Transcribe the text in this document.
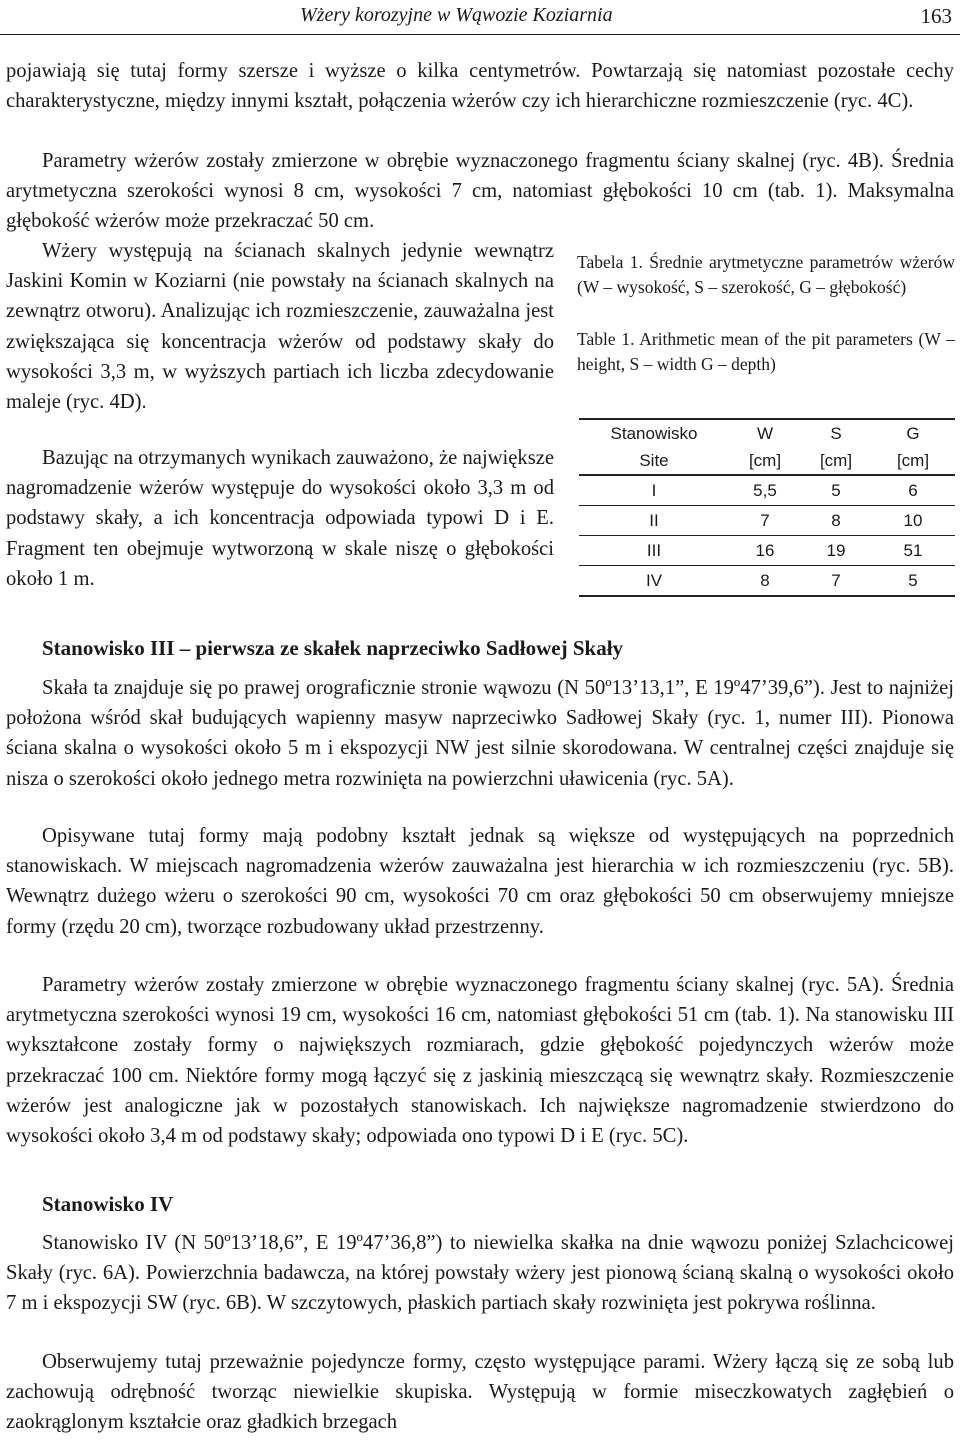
Wżery korozyjne w Wąwozie Koziarnia	163

pojawiają się tutaj formy szersze i wyższe o kilka centymetrów. Powtarzają się natomiast pozostałe cechy charakterystyczne, między innymi kształt, połączenia wżerów czy ich hierarchiczne rozmieszczenie (ryc. 4C).

Parametry wżerów zostały zmierzone w obrębie wyznaczonego fragmentu ściany skalnej (ryc. 4B). Średnia arytmetyczna szerokości wynosi 8 cm, wysokości 7 cm, natomiast głębokości 10 cm (tab. 1). Maksymalna głębokość wżerów może przekraczać 50 cm.

Wżery występują na ścianach skalnych jedynie wewnątrz Jaskini Komin w Koziarni (nie powstały na ścianach skalnych na zewnątrz otworu). Analizując ich rozmieszczenie, zauważalna jest zwiększająca się koncentracja wżerów od podstawy skały do wysokości 3,3 m, w wyższych partiach ich liczba zdecydowanie maleje (ryc. 4D).

Bazując na otrzymanych wynikach zauważono, że największe nagromadzenie wżerów występuje do wysokości około 3,3 m od podstawy skały, a ich koncentracja odpowiada typowi D i E. Fragment ten obejmuje wytworzoną w skale niszę o głębokości około 1 m.

Tabela 1. Średnie arytmetyczne parametrów wżerów (W – wysokość, S – szerokość, G – głębokość)

Table 1. Arithmetic mean of the pit parameters (W – height, S – width G – depth)

Stanowisko	W	S	G
Site	[cm]	[cm]	[cm]
I	5,5	5	6
II	7	8	10
III	16	19	51
IV	8	7	5
Stanowisko III – pierwsza ze skałek naprzeciwko Sadłowej Skały

Skała ta znajduje się po prawej orograficznie stronie wąwozu (N 50º13’13,1”, E 19º47’39,6”). Jest to najniżej położona wśród skał budujących wapienny masyw naprzeciwko Sadłowej Skały (ryc. 1, numer III). Pionowa ściana skalna o wysokości około 5 m i ekspozycji NW jest silnie skorodowana. W centralnej części znajduje się nisza o szerokości około jednego metra rozwinięta na powierzchni uławicenia (ryc. 5A).

Opisywane tutaj formy mają podobny kształt jednak są większe od występujących na poprzednich stanowiskach. W miejscach nagromadzenia wżerów zauważalna jest hierarchia w ich rozmieszczeniu (ryc. 5B). Wewnątrz dużego wżeru o szerokości 90 cm, wysokości 70 cm oraz głębokości 50 cm obserwujemy mniejsze formy (rzędu 20 cm), tworzące rozbudowany układ przestrzenny.

Parametry wżerów zostały zmierzone w obrębie wyznaczonego fragmentu ściany skalnej (ryc. 5A). Średnia arytmetyczna szerokości wynosi 19 cm, wysokości 16 cm, natomiast głębokości 51 cm (tab. 1). Na stanowisku III wykształcone zostały formy o największych rozmiarach, gdzie głębokość pojedynczych wżerów może przekraczać 100 cm. Niektóre formy mogą łączyć się z jaskinią mieszczącą się wewnątrz skały. Rozmieszczenie wżerów jest analogiczne jak w pozostałych stanowiskach. Ich największe nagromadzenie stwierdzono do wysokości około 3,4 m od podstawy skały; odpowiada ono typowi D i E (ryc. 5C).

Stanowisko IV

Stanowisko IV (N 50º13’18,6”, E 19º47’36,8”) to niewielka skałka na dnie wąwozu poniżej Szlachcicowej Skały (ryc. 6A). Powierzchnia badawcza, na której powstały wżery jest pionową ścianą skalną o wysokości około 7 m i ekspozycji SW (ryc. 6B). W szczytowych, płaskich partiach skały rozwinięta jest pokrywa roślinna.

Obserwujemy tutaj przeważnie pojedyncze formy, często występujące parami. Wżery łączą się ze sobą lub zachowują odrębność tworząc niewielkie skupiska. Występują w formie miseczkowatych zagłębień o zaokrąglonym kształcie oraz gładkich brzegach
